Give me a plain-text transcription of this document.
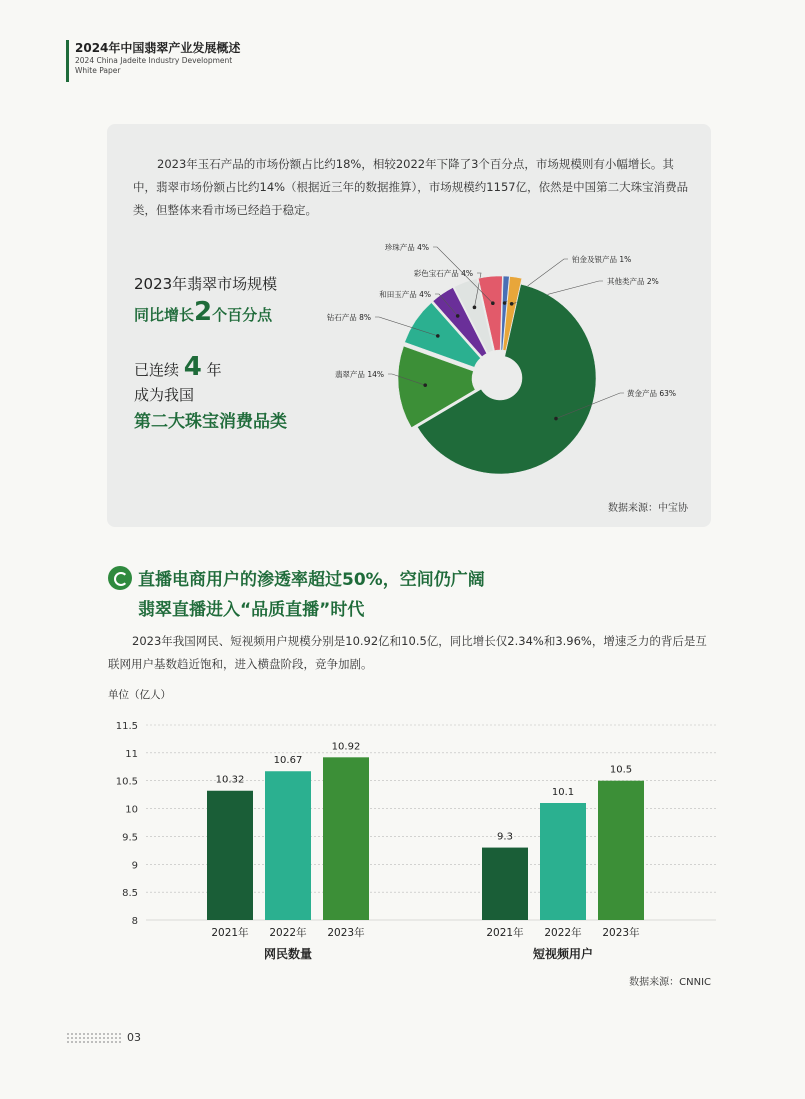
2024年中国翡翠产业发展概述
2024 China Jadeite Industry Development White Paper
2023年玉石产品的市场份额占比约18%，相较2022年下降了3个百分点，市场规模则有小幅增长。其中，翡翠市场份额占比约14%（根据近三年的数据推算），市场规模约1157亿，依然是中国第二大珠宝消费品类，但整体来看市场已经趋于稳定。
2023年翡翠市场规模
同比增长2个百分点
已连续 4 年
成为我国
第二大珠宝消费品类
铂金及银产品 1%
其他类产品 2%
黄金产品 63%
翡翠产品 14%
钻石产品 8%
和田玉产品 4%
彩色宝石产品 4%
珍珠产品 4%
数据来源：中宝协
直播电商用户的渗透率超过50%，空间仍广阔
翡翠直播进入“品质直播”时代
2023年我国网民、短视频用户规模分别是10.92亿和10.5亿，同比增长仅2.34%和3.96%，增速乏力的背后是互联网用户基数趋近饱和，进入横盘阶段，竞争加剧。
单位（亿人）
8
8.5
9
9.5
10
10.5
11
11.5
10.32
2021年
10.67
2022年
10.92
2023年
网民数量
9.3
2021年
10.1
2022年
10.5
2023年
短视频用户
数据来源：CNNIC
03
